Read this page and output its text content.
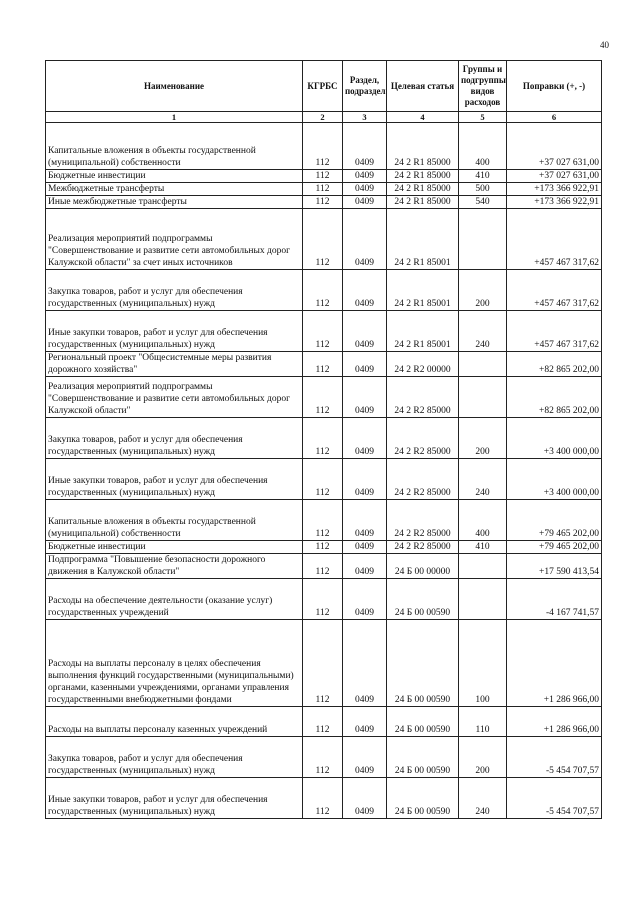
40
Наименование	КГРБС	Раздел, подраздел	Целевая статья	Группы и подгруппы видов расходов	Поправки (+, -)
1	2	3	4	5	6
Капитальные вложения в объекты государственной (муниципальной) собственности	112	0409	24 2 R1 85000	400	+37 027 631,00
Бюджетные инвестиции	112	0409	24 2 R1 85000	410	+37 027 631,00
Межбюджетные трансферты	112	0409	24 2 R1 85000	500	+173 366 922,91
Иные межбюджетные трансферты	112	0409	24 2 R1 85000	540	+173 366 922,91
Реализация мероприятий подпрограммы "Совершенствование и развитие сети автомобильных дорог Калужской области" за счет иных источников	112	0409	24 2 R1 85001		+457 467 317,62
Закупка товаров, работ и услуг для обеспечения государственных (муниципальных) нужд	112	0409	24 2 R1 85001	200	+457 467 317,62
Иные закупки товаров, работ и услуг для обеспечения государственных (муниципальных) нужд	112	0409	24 2 R1 85001	240	+457 467 317,62
Региональный проект "Общесистемные меры развития дорожного хозяйства"	112	0409	24 2 R2 00000		+82 865 202,00
Реализация мероприятий подпрограммы "Совершенствование и развитие сети автомобильных дорог Калужской области"	112	0409	24 2 R2 85000		+82 865 202,00
Закупка товаров, работ и услуг для обеспечения государственных (муниципальных) нужд	112	0409	24 2 R2 85000	200	+3 400 000,00
Иные закупки товаров, работ и услуг для обеспечения государственных (муниципальных) нужд	112	0409	24 2 R2 85000	240	+3 400 000,00
Капитальные вложения в объекты государственной (муниципальной) собственности	112	0409	24 2 R2 85000	400	+79 465 202,00
Бюджетные инвестиции	112	0409	24 2 R2 85000	410	+79 465 202,00
Подпрограмма "Повышение безопасности дорожного движения в Калужской области"	112	0409	24 Б 00 00000		+17 590 413,54
Расходы на обеспечение деятельности (оказание услуг) государственных учреждений	112	0409	24 Б 00 00590		-4 167 741,57
Расходы на выплаты персоналу в целях обеспечения выполнения функций государственными (муниципальными) органами, казенными учреждениями, органами управления государственными внебюджетными фондами	112	0409	24 Б 00 00590	100	+1 286 966,00
Расходы на выплаты персоналу казенных учреждений	112	0409	24 Б 00 00590	110	+1 286 966,00
Закупка товаров, работ и услуг для обеспечения государственных (муниципальных) нужд	112	0409	24 Б 00 00590	200	-5 454 707,57
Иные закупки товаров, работ и услуг для обеспечения государственных (муниципальных) нужд	112	0409	24 Б 00 00590	240	-5 454 707,57
